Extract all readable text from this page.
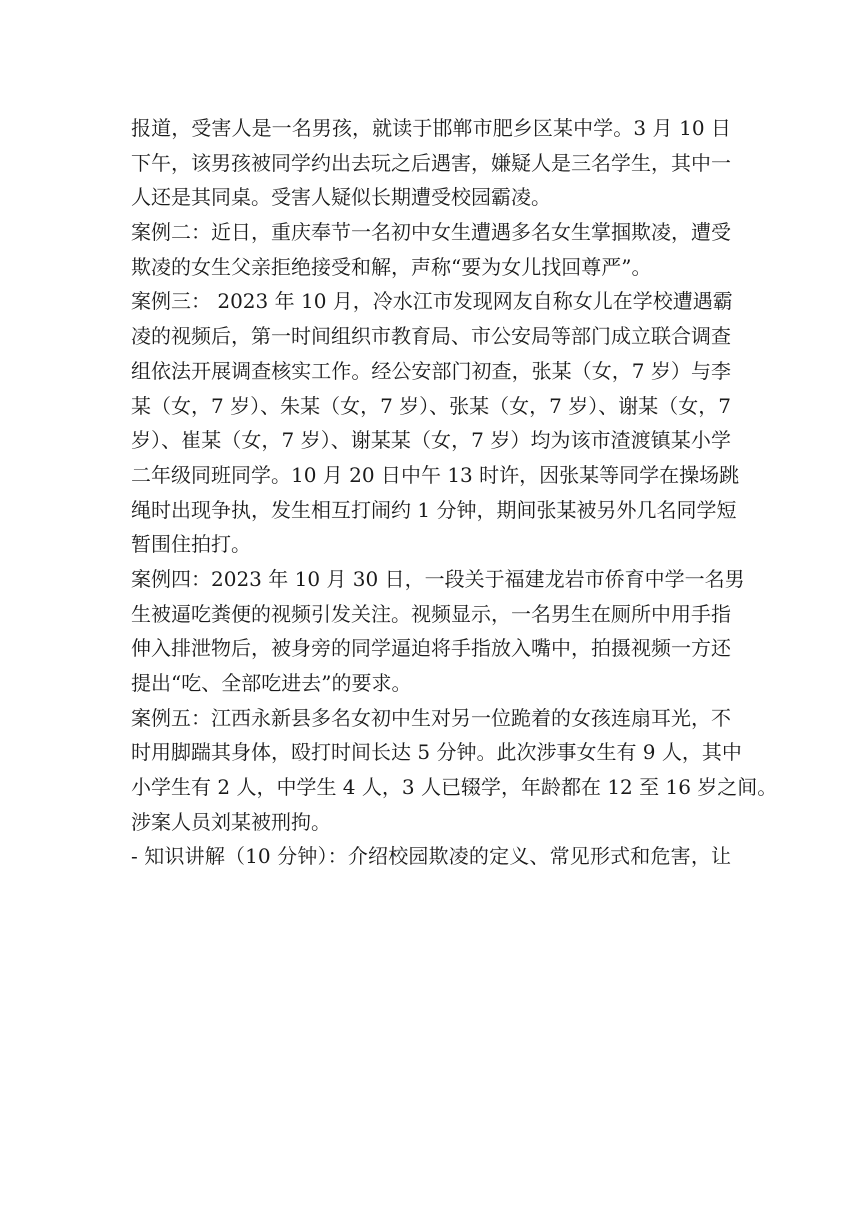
报道，受害人是一名男孩，就读于邯郸市肥乡区某中学。3 月 10 日
下午，该男孩被同学约出去玩之后遇害，嫌疑人是三名学生，其中一
人还是其同桌。受害人疑似长期遭受校园霸凌。
案例二：近日，重庆奉节一名初中女生遭遇多名女生掌掴欺凌，遭受
欺凌的女生父亲拒绝接受和解，声称“要为女儿找回尊严”。
案例三： 2023 年 10 月，冷水江市发现网友自称女儿在学校遭遇霸
凌的视频后，第一时间组织市教育局、市公安局等部门成立联合调查
组依法开展调查核实工作。经公安部门初查，张某（女，7 岁）与李
某（女，7 岁）、朱某（女，7 岁）、张某（女，7 岁）、谢某（女，7
岁）、崔某（女，7 岁）、谢某某（女，7 岁）均为该市渣渡镇某小学
二年级同班同学。10 月 20 日中午 13 时许，因张某等同学在操场跳
绳时出现争执，发生相互打闹约 1 分钟，期间张某被另外几名同学短
暂围住拍打。
案例四：2023 年 10 月 30 日，一段关于福建龙岩市侨育中学一名男
生被逼吃粪便的视频引发关注。视频显示，一名男生在厕所中用手指
伸入排泄物后，被身旁的同学逼迫将手指放入嘴中，拍摄视频一方还
提出“吃、全部吃进去”的要求。
案例五：江西永新县多名女初中生对另一位跪着的女孩连扇耳光，不
时用脚踹其身体，殴打时间长达 5 分钟。此次涉事女生有 9 人，其中
小学生有 2 人，中学生 4 人，3 人已辍学，年龄都在 12 至 16 岁之间。
涉案人员刘某被刑拘。
- 知识讲解（10 分钟）：介绍校园欺凌的定义、常见形式和危害，让
